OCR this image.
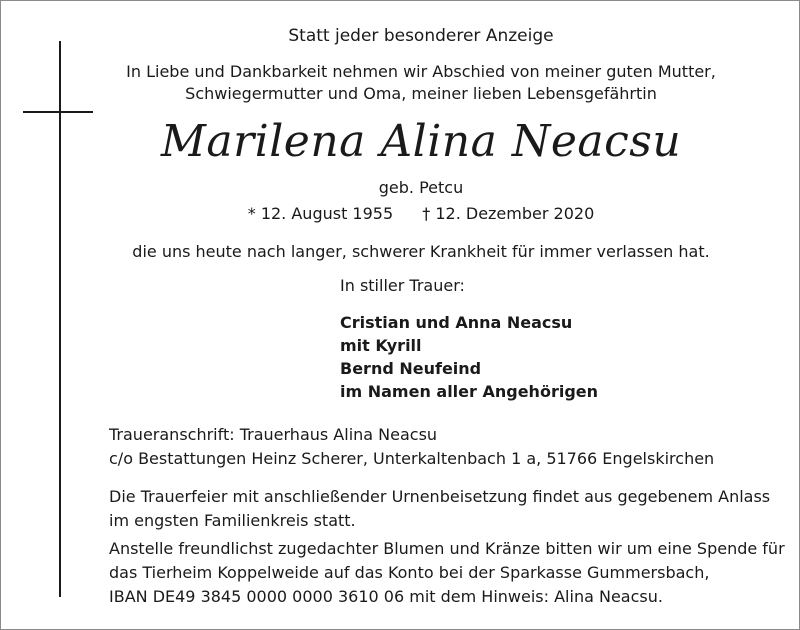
Statt jeder besonderer Anzeige
In Liebe und Dankbarkeit nehmen wir Abschied von meiner guten Mutter,
Schwiegermutter und Oma, meiner lieben Lebensgefährtin
Marilena Alina Neacsu
geb. Petcu
* 12. August 1955 † 12. Dezember 2020
die uns heute nach langer, schwerer Krankheit für immer verlassen hat.
In stiller Trauer:
Cristian und Anna Neacsu
mit Kyrill
Bernd Neufeind
im Namen aller Angehörigen
Traueranschrift: Trauerhaus Alina Neacsu
c/o Bestattungen Heinz Scherer, Unterkaltenbach 1 a, 51766 Engelskirchen
Die Trauerfeier mit anschließender Urnenbeisetzung findet aus gegebenem Anlass
im engsten Familienkreis statt.
Anstelle freundlichst zugedachter Blumen und Kränze bitten wir um eine Spende für
das Tierheim Koppelweide auf das Konto bei der Sparkasse Gummersbach,
IBAN DE49 3845 0000 0000 3610 06 mit dem Hinweis: Alina Neacsu.
